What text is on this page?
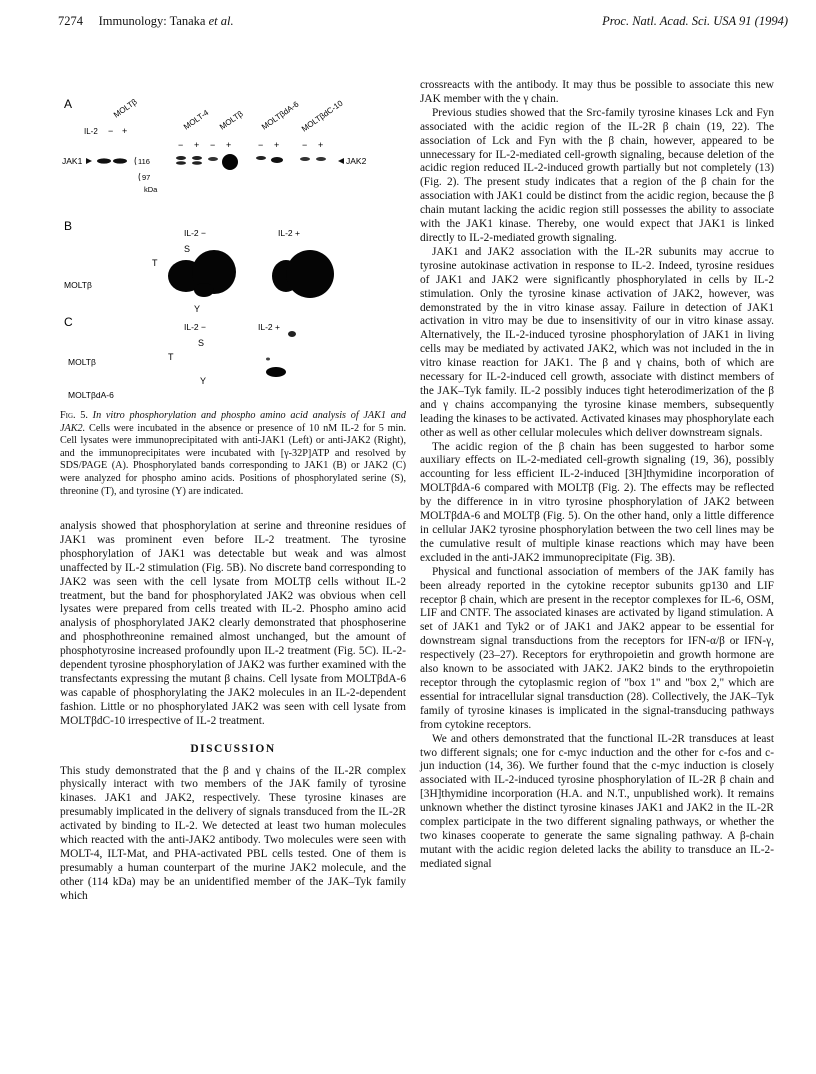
7274 Immunology: Tanaka et al.	Proc. Natl. Acad. Sci. USA 91 (1994)
A	MOLTβ	MOLT-4 MOLTβ MOLTβdA-6 MOLTβdC-10
IL-2 − +
− + − +	− +	− +
JAK1	116
97
kDa
JAK2
B	IL-2 −	IL-2 +
S
T
MOLTβ
Y
C	IL-2 −	IL-2 +
S
MOLTβ	T
Y
MOLTβdA-6
Fig. 5. In vitro phosphorylation and phospho amino acid analysis of JAK1 and JAK2. Cells were incubated in the absence or presence of 10 nM IL-2 for 5 min. Cell lysates were immunoprecipitated with anti-JAK1 (Left) or anti-JAK2 (Right), and the immunoprecipitates were incubated with [γ-32P]ATP and resolved by SDS/PAGE (A). Phosphorylated bands corresponding to JAK1 (B) or JAK2 (C) were analyzed for phospho amino acids. Positions of phosphorylated serine (S), threonine (T), and tyrosine (Y) are indicated.

analysis showed that phosphorylation at serine and threonine residues of JAK1 was prominent even before IL-2 treatment. The tyrosine phosphorylation of JAK1 was detectable but weak and was almost unaffected by IL-2 stimulation (Fig. 5B). No discrete band corresponding to JAK2 was seen with the cell lysate from MOLTβ cells without IL-2 treatment, but the band for phosphorylated JAK2 was obvious when cell lysates were prepared from cells treated with IL-2. Phospho amino acid analysis of phosphorylated JAK2 clearly demonstrated that phosphoserine and phosphothreonine remained almost unchanged, but the amount of phosphotyrosine increased profoundly upon IL-2 treatment (Fig. 5C). IL-2-dependent tyrosine phosphorylation of JAK2 was further examined with the transfectants expressing the mutant β chains. Cell lysate from MOLTβdA-6 was capable of phosphorylating the JAK2 molecules in an IL-2-dependent fashion. Little or no phosphorylated JAK2 was seen with cell lysate from MOLTβdC-10 irrespective of IL-2 treatment.

DISCUSSION

This study demonstrated that the β and γ chains of the IL-2R complex physically interact with two members of the JAK family of tyrosine kinases. JAK1 and JAK2, respectively. These tyrosine kinases are presumably implicated in the delivery of signals transduced from the IL-2R activated by binding to IL-2. We detected at least two human molecules which reacted with the anti-JAK2 antibody. Two molecules were seen with MOLT-4, ILT-Mat, and PHA-activated PBL cells tested. One of them is presumably a human counterpart of the murine JAK2 molecule, and the other (114 kDa) may be an unidentified member of the JAK–Tyk family which

crossreacts with the antibody. It may thus be possible to associate this new JAK member with the γ chain.

Previous studies showed that the Src-family tyrosine kinases Lck and Fyn associated with the acidic region of the IL-2R β chain (19, 22). The association of Lck and Fyn with the β chain, however, appeared to be unnecessary for IL-2-mediated cell-growth signaling, because deletion of the acidic region reduced IL-2-induced growth partially but not completely (13) (Fig. 2). The present study indicates that a region of the β chain for the association with JAK1 could be distinct from the acidic region, because the β chain mutant lacking the acidic region still possesses the ability to associate with the JAK1 kinase. Thereby, one would expect that JAK1 is linked directly to IL-2-mediated growth signaling.

JAK1 and JAK2 association with the IL-2R subunits may accrue to tyrosine autokinase activation in response to IL-2. Indeed, tyrosine residues of JAK1 and JAK2 were significantly phosphorylated in cells by IL-2 stimulation. Only the tyrosine kinase activation of JAK2, however, was demonstrated by the in vitro kinase assay. Failure in detection of JAK1 activation in vitro may be due to insensitivity of our in vitro kinase assay. Alternatively, the IL-2-induced tyrosine phosphorylation of JAK1 in living cells may be mediated by activated JAK2, which was not included in the in vitro kinase reaction for JAK1. The β and γ chains, both of which are necessary for IL-2-induced cell growth, associate with distinct members of the JAK–Tyk family. IL-2 possibly induces tight heterodimerization of the β and γ chains accompanying the tyrosine kinase members, subsequently leading the kinases to be activated. Activated kinases may phosphorylate each other as well as other cellular molecules which deliver downstream signals.

The acidic region of the β chain has been suggested to harbor some auxiliary effects on IL-2-mediated cell-growth signaling (19, 36), possibly accounting for less efficient IL-2-induced [3H]thymidine incorporation of MOLTβdA-6 compared with MOLTβ (Fig. 2). The effects may be reflected by the difference in in vitro tyrosine phosphorylation of JAK2 between MOLTβdA-6 and MOLTβ (Fig. 5). On the other hand, only a little difference in cellular JAK2 tyrosine phosphorylation between the two cell lines may be the cumulative result of multiple kinase reactions which may have been excluded in the anti-JAK2 immunoprecipitate (Fig. 3B).

Physical and functional association of members of the JAK family has been already reported in the cytokine receptor subunits gp130 and LIF receptor β chain, which are present in the receptor complexes for IL-6, OSM, LIF and CNTF. The associated kinases are activated by ligand stimulation. A set of JAK1 and Tyk2 or of JAK1 and JAK2 appear to be essential for downstream signal transductions from the receptors for IFN-α/β or IFN-γ, respectively (23–27). Receptors for erythropoietin and growth hormone are also known to be associated with JAK2. JAK2 binds to the erythropoietin receptor through the cytoplasmic region of "box 1" and "box 2," which are essential for intracellular signal transduction (28). Collectively, the JAK–Tyk family of tyrosine kinases is implicated in the signal-transducing pathways from cytokine receptors.

We and others demonstrated that the functional IL-2R transduces at least two different signals; one for c-myc induction and the other for c-fos and c-jun induction (14, 36). We further found that the c-myc induction is closely associated with IL-2-induced tyrosine phosphorylation of IL-2R β chain and [3H]thymidine incorporation (H.A. and N.T., unpublished work). It remains unknown whether the distinct tyrosine kinases JAK1 and JAK2 in the IL-2R complex participate in the two different signaling pathways, or whether the two kinases cooperate to generate the same signaling pathway. A β-chain mutant with the acidic region deleted lacks the ability to transduce an IL-2-mediated signal
